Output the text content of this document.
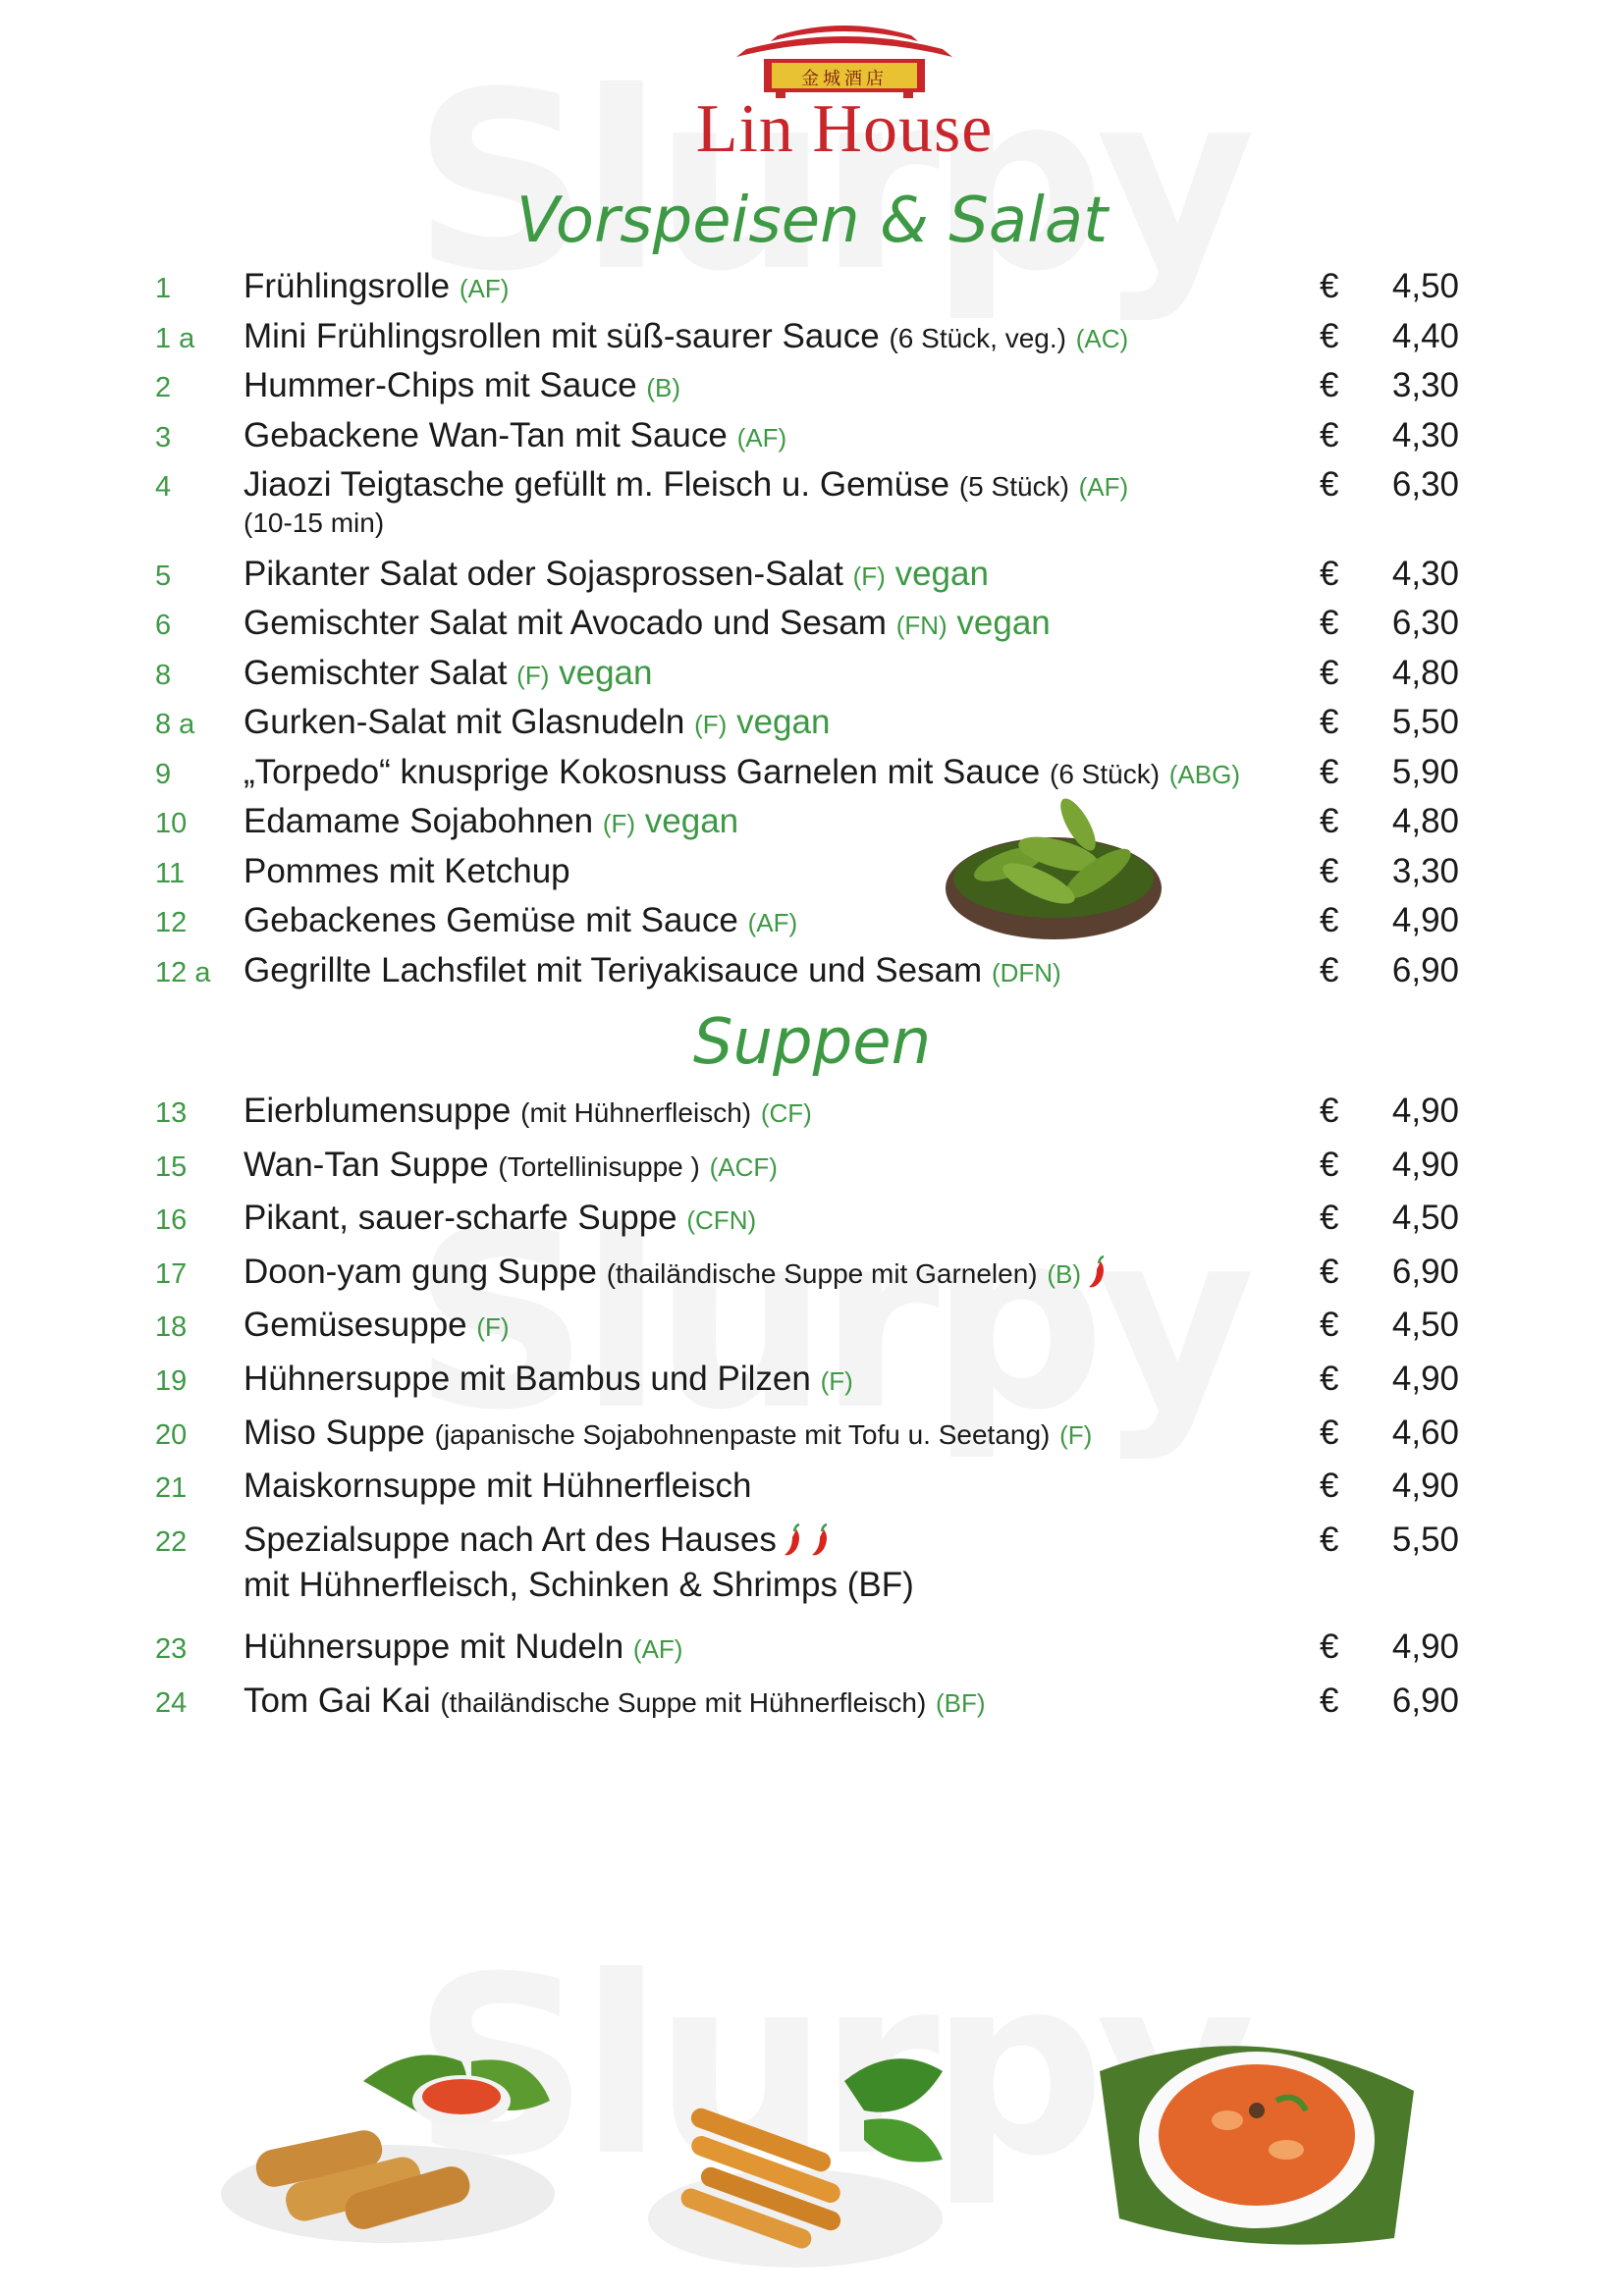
金城酒店
Lin House
Vorspeisen & Salat
Suppen
1 Frühlingsrolle (AF)	€ 4,50
1 a Mini Frühlingsrollen mit süß-saurer Sauce (6 Stück, veg.) (AC)	€ 4,40
2 Hummer-Chips mit Sauce (B)	€ 3,30
3 Gebackene Wan-Tan mit Sauce (AF)	€ 4,30
4 Jiaozi Teigtasche gefüllt m. Fleisch u. Gemüse (5 Stück) (AF)	€ 6,30
(10-15 min)
5 Pikanter Salat oder Sojasprossen-Salat (F) vegan	€ 4,30
6 Gemischter Salat mit Avocado und Sesam (FN) vegan	€ 6,30
8 Gemischter Salat (F) vegan	€ 4,80
8 a Gurken-Salat mit Glasnudeln (F) vegan	€ 5,50
9 „Torpedo“ knusprige Kokosnuss Garnelen mit Sauce (6 Stück) (ABG) € 5,90
10 Edamame Sojabohnen (F) vegan	€ 4,80
11 Pommes mit Ketchup	€ 3,30
12 Gebackenes Gemüse mit Sauce (AF)	€ 4,90
12 a Gegrillte Lachsfilet mit Teriyakisauce und Sesam (DFN)	€ 6,90
13 Eierblumensuppe (mit Hühnerfleisch) (CF)	€ 4,90
15 Wan-Tan Suppe (Tortellinisuppe ) (ACF)	€ 4,90
16 Pikant, sauer-scharfe Suppe (CFN)	€ 4,50
17 Doon-yam gung Suppe (thailändische Suppe mit Garnelen) (B)	€ 6,90
18 Gemüsesuppe (F)	€ 4,50
19 Hühnersuppe mit Bambus und Pilzen (F)	€ 4,90
20 Miso Suppe (japanische Sojabohnenpaste mit Tofu u. Seetang) (F)	€ 4,60
21 Maiskornsuppe mit Hühnerfleisch	€ 4,90
22 Spezialsuppe nach Art des Hauses	€ 5,50
mit Hühnerfleisch, Schinken & Shrimps (BF)
23 Hühnersuppe mit Nudeln (AF)	€ 4,90
24 Tom Gai Kai (thailändische Suppe mit Hühnerfleisch) (BF)	€ 6,90
